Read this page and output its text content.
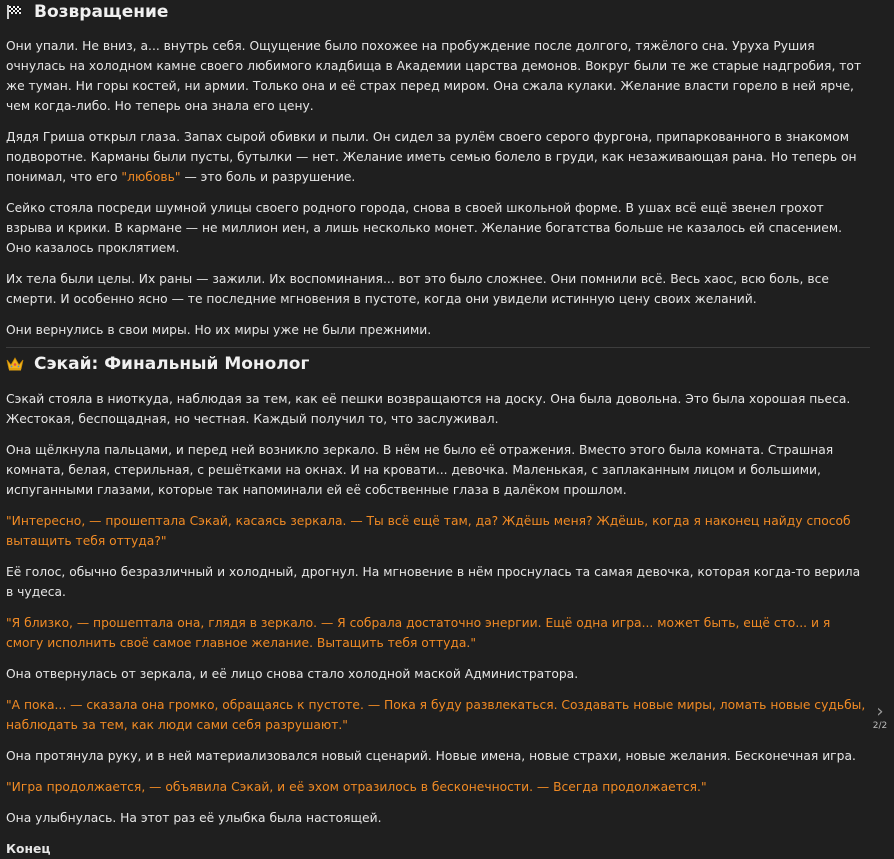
Возвращение

Они упали. Не вниз, а... внутрь себя. Ощущение было похожее на пробуждение после долгого, тяжёлого сна. Уруха Рушия очнулась на холодном камне своего любимого кладбища в Академии царства демонов. Вокруг были те же старые надгробия, тот же туман. Ни горы костей, ни армии. Только она и её страх перед миром. Она сжала кулаки. Желание власти горело в ней ярче, чем когда-либо. Но теперь она знала его цену.

Дядя Гриша открыл глаза. Запах сырой обивки и пыли. Он сидел за рулём своего серого фургона, припаркованного в знакомом подворотне. Карманы были пусты, бутылки — нет. Желание иметь семью болело в груди, как незаживающая рана. Но теперь он понимал, что его "любовь" — это боль и разрушение.

Сейко стояла посреди шумной улицы своего родного города, снова в своей школьной форме. В ушах всё ещё звенел грохот взрыва и крики. В кармане — не миллион иен, а лишь несколько монет. Желание богатства больше не казалось ей спасением. Оно казалось проклятием.

Их тела были целы. Их раны — зажили. Их воспоминания... вот это было сложнее. Они помнили всё. Весь хаос, всю боль, все смерти. И особенно ясно — те последние мгновения в пустоте, когда они увидели истинную цену своих желаний.

Они вернулись в свои миры. Но их миры уже не были прежними.

Сэкай: Финальный Монолог

Сэкай стояла в ниоткуда, наблюдая за тем, как её пешки возвращаются на доску. Она была довольна. Это была хорошая пьеса. Жестокая, беспощадная, но честная. Каждый получил то, что заслуживал.

Она щёлкнула пальцами, и перед ней возникло зеркало. В нём не было её отражения. Вместо этого была комната. Страшная комната, белая, стерильная, с решётками на окнах. И на кровати... девочка. Маленькая, с заплаканным лицом и большими, испуганными глазами, которые так напоминали ей её собственные глаза в далёком прошлом.

"Интересно, — прошептала Сэкай, касаясь зеркала. — Ты всё ещё там, да? Ждёшь меня? Ждёшь, когда я наконец найду способ вытащить тебя оттуда?"

Её голос, обычно безразличный и холодный, дрогнул. На мгновение в нём проснулась та самая девочка, которая когда-то верила в чудеса.

"Я близко, — прошептала она, глядя в зеркало. — Я собрала достаточно энергии. Ещё одна игра... может быть, ещё сто... и я смогу исполнить своё самое главное желание. Вытащить тебя оттуда."

Она отвернулась от зеркала, и её лицо снова стало холодной маской Администратора.

"А пока... — сказала она громко, обращаясь к пустоте. — Пока я буду развлекаться. Создавать новые миры, ломать новые судьбы, наблюдать за тем, как люди сами себя разрушают."

Она протянула руку, и в ней материализовался новый сценарий. Новые имена, новые страхи, новые желания. Бесконечная игра.

"Игра продолжается, — объявила Сэкай, и её эхом отразилось в бесконечности. — Всегда продолжается."

Она улыбнулась. На этот раз её улыбка была настоящей.

Конец

›
2/2
